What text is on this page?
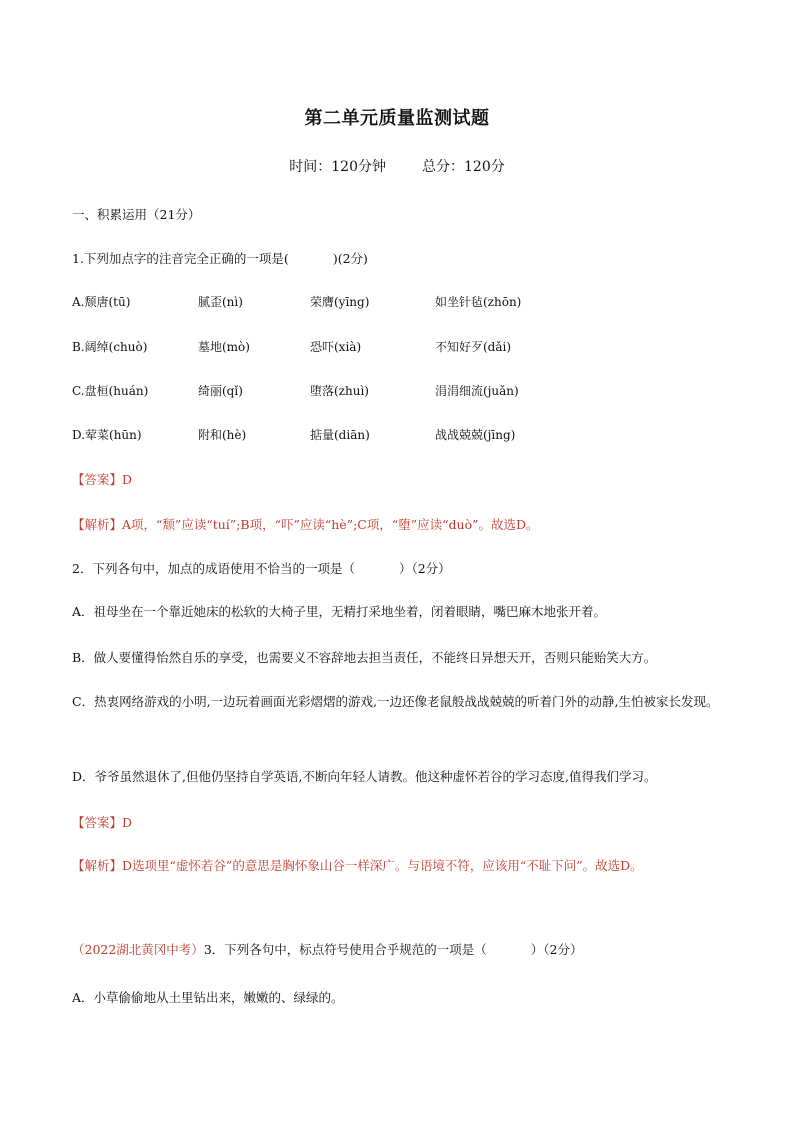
第二单元质量监测试题
时间：120分钟	总分：120分
一、积累运用（21分）
1.下列加点字的注音完全正确的一项是(	)(2分)
A.颓唐(tū)	腻歪(nì)	荣膺(yīng)	如坐针毡(zhōn)
B.阔绰(chuò)	墓地(mò)	恐吓(xià)	不知好歹(dǎi)
C.盘桓(huán)	绮丽(qǐ)	堕落(zhuì)	涓涓细流(juǎn)
D.荤菜(hūn)	附和(hè)	掂量(diān)	战战兢兢(jīng)
【答案】D
【解析】A项，“颓”应读“tuí”;B项，“吓”应读“hè”;C项，“堕”应读“duò”。故选D。
2．下列各句中，加点的成语使用不恰当的一项是（	）（2分）
A．祖母坐在一个靠近她床的松软的大椅子里，无精打采地坐着，闭着眼睛，嘴巴麻木地张开着。
B．做人要懂得怡然自乐的享受，也需要义不容辞地去担当责任，不能终日异想天开，否则只能贻笑大方。
C．热衷网络游戏的小明,一边玩着画面光彩熠熠的游戏,一边还像老鼠般战战兢兢的听着门外的动静,生怕被家长发现。
D．爷爷虽然退休了,但他仍坚持自学英语,不断向年轻人请教。他这种虚怀若谷的学习态度,值得我们学习。
【答案】D
【解析】D选项里“虚怀若谷”的意思是胸怀象山谷一样深广。与语境不符，应该用“不耻下问”。故选D。
（2022湖北黄冈中考）3．下列各句中，标点符号使用合乎规范的一项是（	）（2分）
A．小草偷偷地从土里钻出来，嫩嫩的、绿绿的。
